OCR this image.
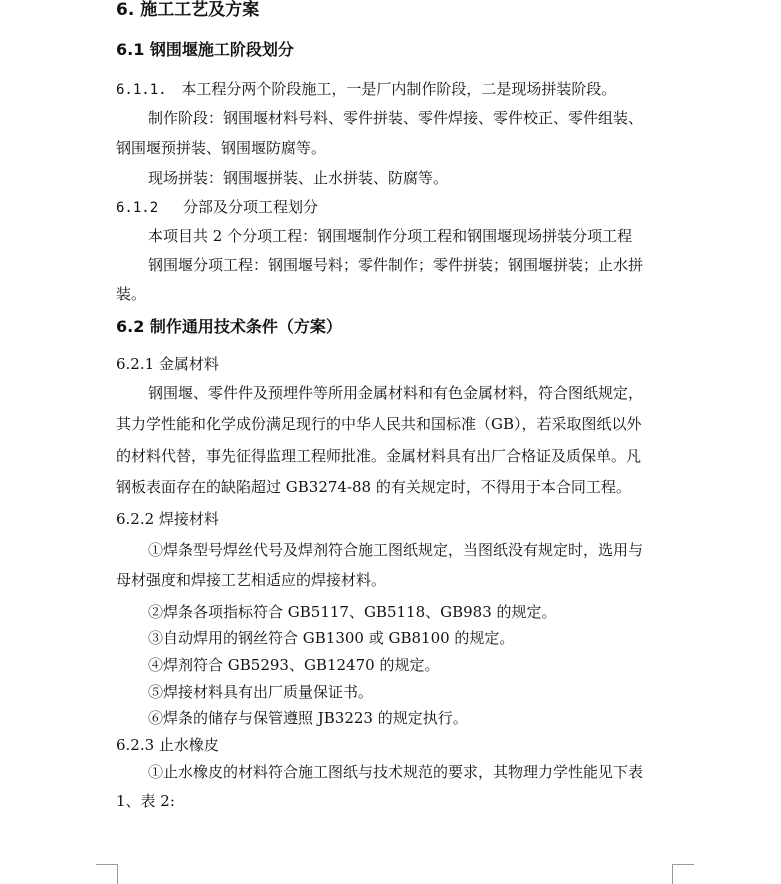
6. 施工工艺及方案
6.1 钢围堰施工阶段划分
6.1.1. 本工程分两个阶段施工，一是厂内制作阶段，二是现场拼装阶段。
制作阶段：钢围堰材料号料、零件拼装、零件焊接、零件校正、零件组装、
钢围堰预拼装、钢围堰防腐等。
现场拼装：钢围堰拼装、止水拼装、防腐等。
6.1.2 分部及分项工程划分
本项目共 2 个分项工程：钢围堰制作分项工程和钢围堰现场拼装分项工程
钢围堰分项工程：钢围堰号料；零件制作；零件拼装；钢围堰拼装；止水拼
装。
6.2 制作通用技术条件（方案）
6.2.1 金属材料
钢围堰、零件件及预埋件等所用金属材料和有色金属材料，符合图纸规定，
其力学性能和化学成份满足现行的中华人民共和国标准（GB），若采取图纸以外
的材料代替，事先征得监理工程师批准。金属材料具有出厂合格证及质保单。凡
钢板表面存在的缺陷超过 GB3274-88 的有关规定时，不得用于本合同工程。
6.2.2 焊接材料
①焊条型号焊丝代号及焊剂符合施工图纸规定，当图纸没有规定时，选用与
母材强度和焊接工艺相适应的焊接材料。
②焊条各项指标符合 GB5117、GB5118、GB983 的规定。
③自动焊用的钢丝符合 GB1300 或 GB8100 的规定。
④焊剂符合 GB5293、GB12470 的规定。
⑤焊接材料具有出厂质量保证书。
⑥焊条的储存与保管遵照 JB3223 的规定执行。
6.2.3 止水橡皮
①止水橡皮的材料符合施工图纸与技术规范的要求，其物理力学性能见下表
1、表 2:
